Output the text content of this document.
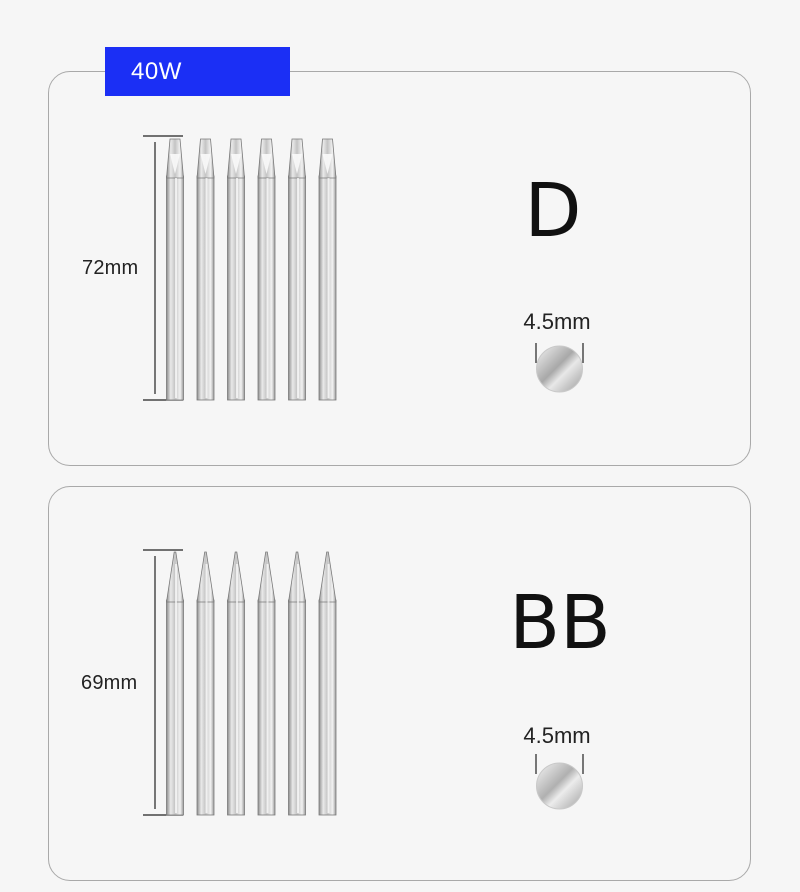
40W
72mm
D
4.5mm
69mm
BB
4.5mm
